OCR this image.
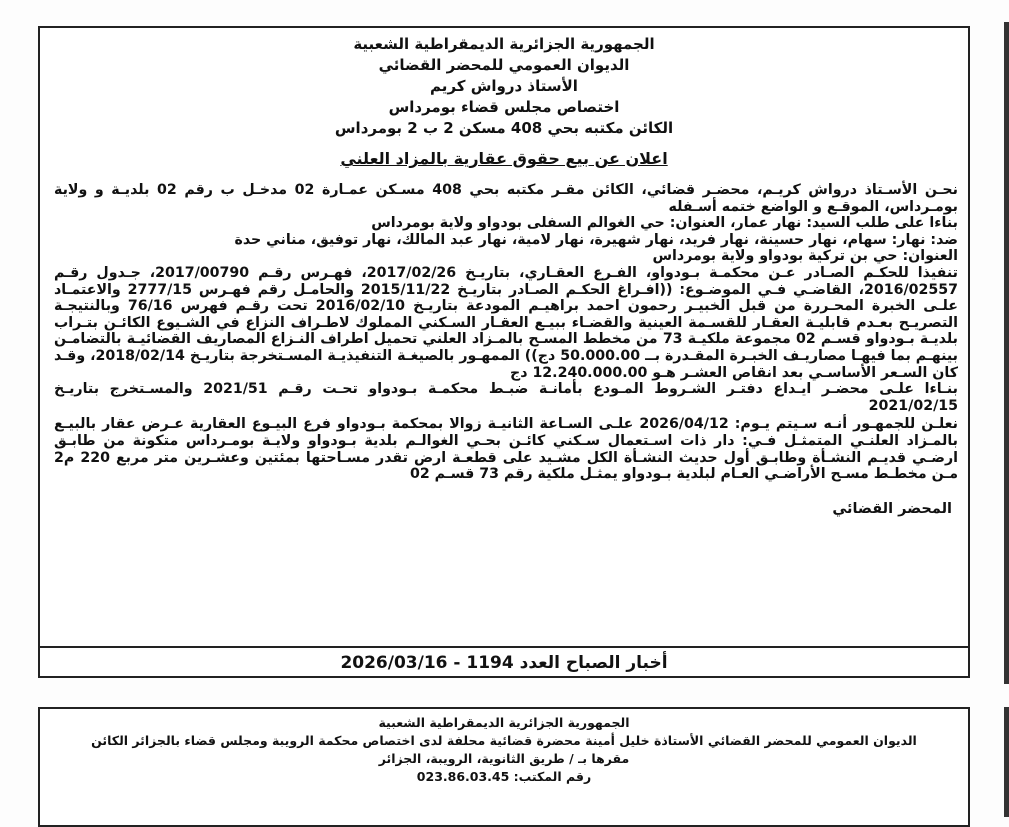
الجمهورية الجزائرية الديمقراطية الشعبية
الديوان العمومي للمحضر القضائي
الأستاذ درواش كريم
اختصاص مجلس قضاء بومرداس
الكائن مكتبه بحي 408 مسكن 2 ب 2 بومرداس
اعلان عن بيع حقوق عقارية بالمزاد العلني

نحـن الأسـتاذ درواش كريـم، محضـر قضائي، الكائن مقـر مكتبه بحي 408 مسـكن عمـارة 02 مدخـل ب رقم 02 بلديـة و ولاية بومـرداس، الموقـع و الواضع ختمه أسـفله

بناءا على طلب السيد: نهار عمار، العنوان: حي الغوالم السفلى بودواو ولاية بومرداس

ضد: نهار: سهام، نهار حسينة، نهار فريد، نهار شهيرة، نهار لامية، نهار عبد المالك، نهار توفيق، مناني حدة

العنوان: حي بن تركية بودواو ولاية بومرداس

تنفيذا للحكـم الصـادر عـن محكمـة بـودواو، الفـرع العقـاري، بتاريـخ 2017/02/26، فهـرس رقـم 2017/00790، جـدول رقـم 2016/02557، القاضـي فـي الموضـوع: ((افـراغ الحكـم الصـادر بتاريـخ 2015/11/22 والحامـل رقم فهـرس 2777/15 والاعتمـاد علـى الخبرة المحـررة من قبل الخبيـر رحمون احمد براهيـم المودعة بتاريـخ 2016/02/10 تحت رقـم فهرس 76/16 وبالنتيجـة التصريـح بعـدم قابليـة العقـار للقسـمة العينية والقضـاء ببيـع العقـار السـكني المملوك لاطـراف النزاع في الشـيوع الكائـن بتـراب بلديـة بـودواو قسـم 02 مجموعة ملكيـة 73 من مخطط المسـح بالمـزاد العلني تحميل اطراف النـزاع المصاريف القضائيـة بالتضامـن بينهـم بما فيهـا مصاريـف الخبـرة المقـدرة بــ 50.000.00 دج)) الممهـور بالصيغـة التنفيذيـة المسـتخرجة بتاريـخ 2018/02/14، وقـد كان السـعر الأساسـي بعد انقاص العشـر هـو 12.240.000.00 دج

بنـاءا علـى محضـر ايـداع دفتـر الشـروط المـودع بأمانـة ضبـط محكمـة بـودواو تحـت رقـم 2021/51 والمسـتخرج بتاريـخ 2021/02/15

نعلـن للجمهـور أنـه سـيتم يـوم: 2026/04/12 علـى السـاعة الثانيـة زوالا بمحكمة بـودواو فرع البيـوع العقارية عـرض عقار بالبيـع بالمـزاد العلنـي المتمثـل فـي: دار ذات اسـتعمال سـكني كائـن بحـي الغوالـم بلدية بـودواو ولايـة بومـرداس متكونة من طابـق ارضـي قديـم النشـأة وطابـق أول حديث النشـأة الكل مشـيد على قطعـة ارض تقدر مسـاحتها بمئتين وعشـرين متر مربع 220 م2 مـن مخطـط مسـح الأراضـي العـام لبلدية بـودواو يمثـل ملكية رقم 73 قسـم 02

المحضر القضائي
أخبار الصباح العدد 1194 - 2026/03/16
الجمهورية الجزائرية الديمقراطية الشعبية
الديوان العمومي للمحضر القضائي الأستاذة خليل أمينة محضرة قضائية محلفة لدى اختصاص محكمة الرويبة ومجلس قضاء بالجزائر الكائن
مقرها بـ / طريق الثانوية، الرويبة، الجزائر
رقم المكتب: 023.86.03.45
